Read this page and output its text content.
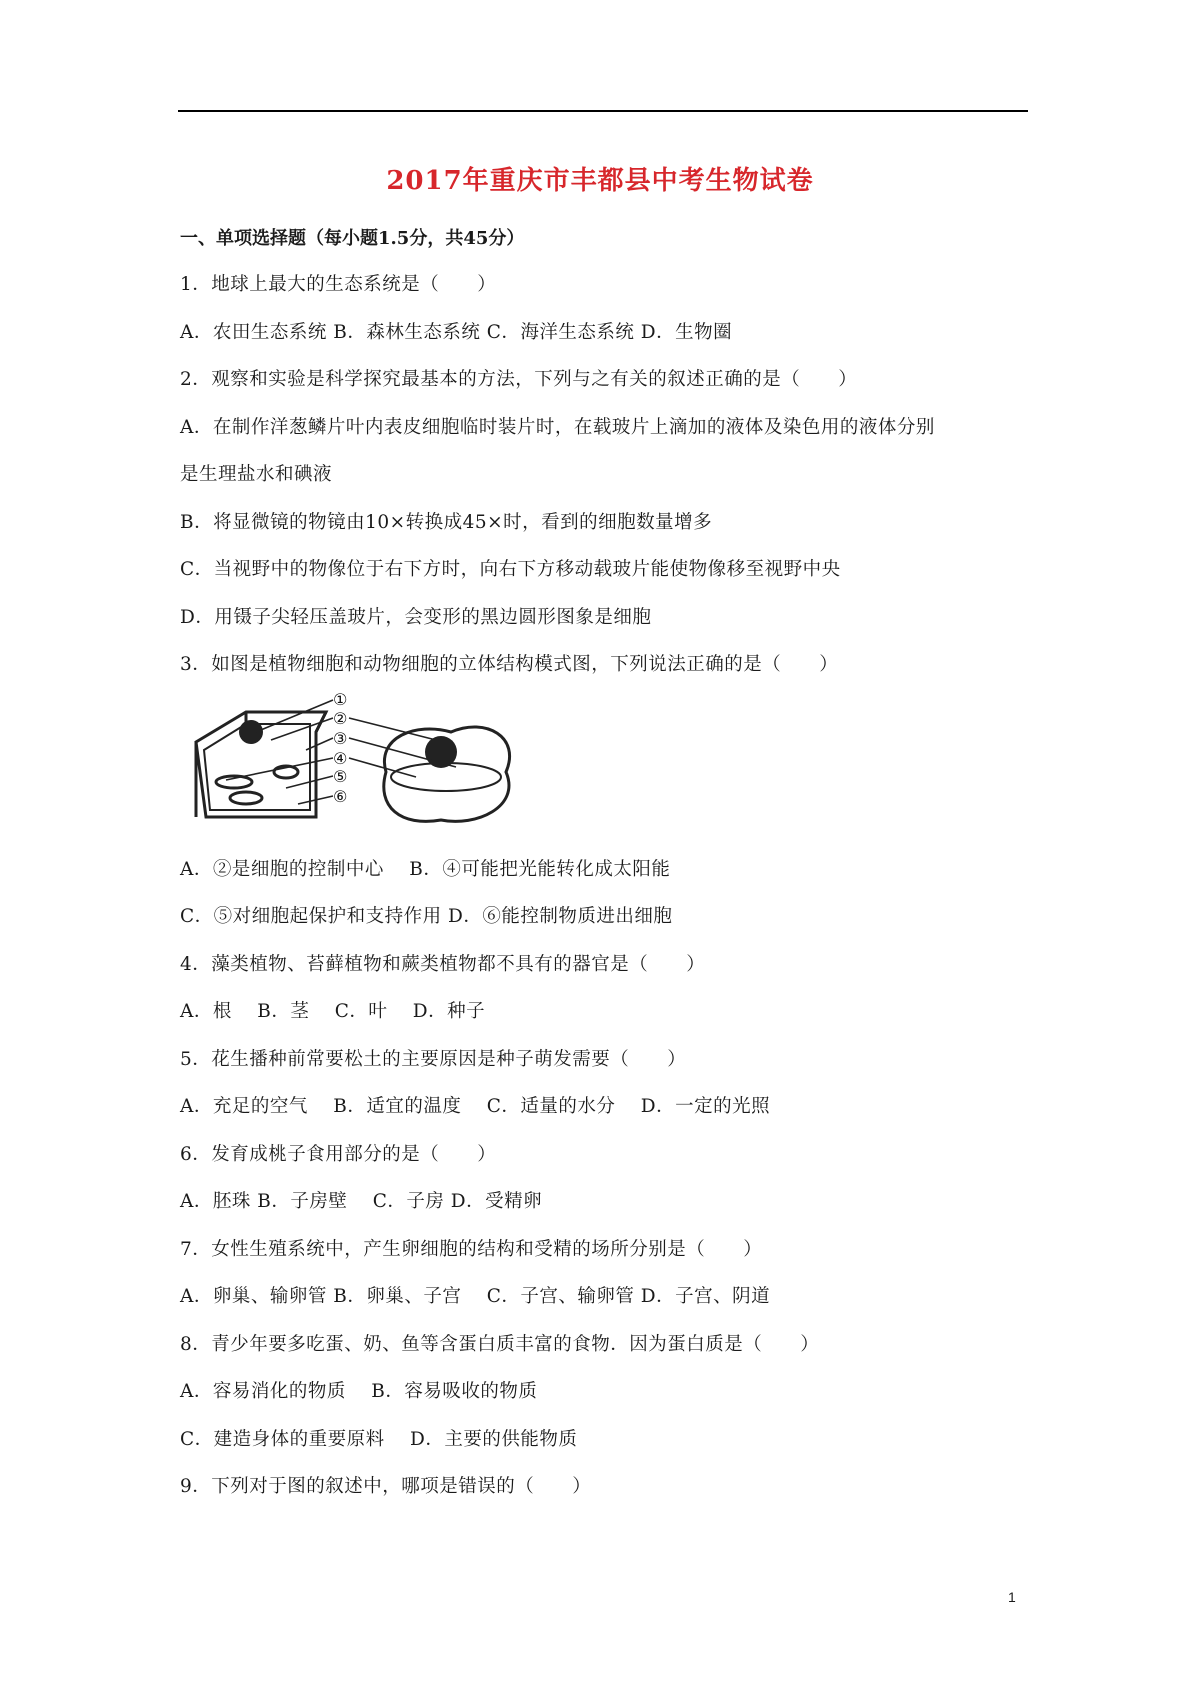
2017年重庆市丰都县中考生物试卷
一、单项选择题（每小题1.5分，共45分）
1．地球上最大的生态系统是（　　）
A．农田生态系统 B．森林生态系统 C．海洋生态系统 D．生物圈
2．观察和实验是科学探究最基本的方法，下列与之有关的叙述正确的是（　　）
A．在制作洋葱鳞片叶内表皮细胞临时装片时，在载玻片上滴加的液体及染色用的液体分别
是生理盐水和碘液
B．将显微镜的物镜由10×转换成45×时，看到的细胞数量增多
C．当视野中的物像位于右下方时，向右下方移动载玻片能使物像移至视野中央
D．用镊子尖轻压盖玻片，会变形的黑边圆形图象是细胞
3．如图是植物细胞和动物细胞的立体结构模式图，下列说法正确的是（　　）
①
②
③
④
⑤
⑥
A．②是细胞的控制中心　 B．④可能把光能转化成太阳能
C．⑤对细胞起保护和支持作用 D．⑥能控制物质进出细胞
4．藻类植物、苔藓植物和蕨类植物都不具有的器官是（　　）
A．根　 B．茎　 C．叶　 D．种子
5．花生播种前常要松土的主要原因是种子萌发需要（　　）
A．充足的空气　 B．适宜的温度　 C．适量的水分　 D．一定的光照
6．发育成桃子食用部分的是（　　）
A．胚珠 B．子房壁　 C．子房 D．受精卵
7．女性生殖系统中，产生卵细胞的结构和受精的场所分别是（　　）
A．卵巢、输卵管 B．卵巢、子宫　 C．子宫、输卵管 D．子宫、阴道
8．青少年要多吃蛋、奶、鱼等含蛋白质丰富的食物．因为蛋白质是（　　）
A．容易消化的物质　 B．容易吸收的物质
C．建造身体的重要原料　 D．主要的供能物质
9．下列对于图的叙述中，哪项是错误的（　　）
1
